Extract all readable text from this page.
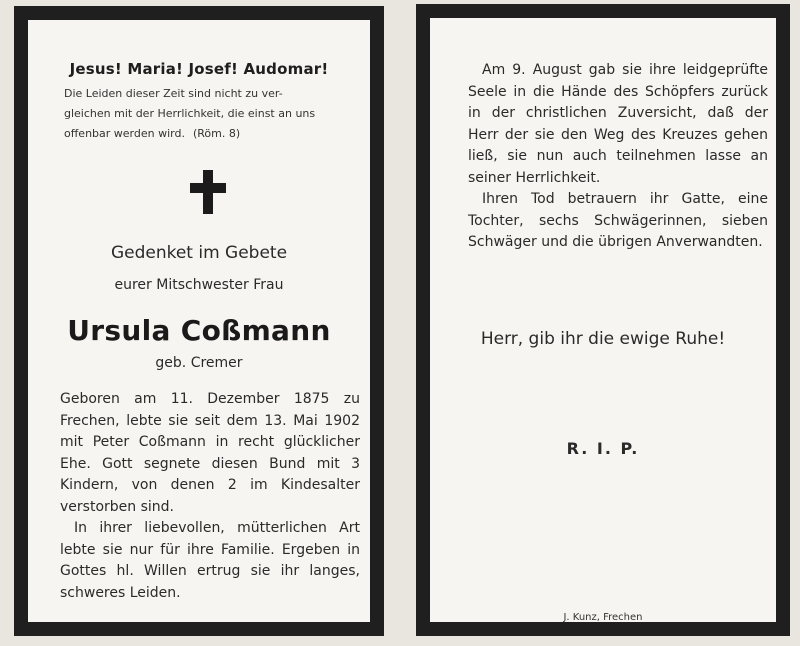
Jesus! Maria! Josef! Audomar!
Die Leiden dieser Zeit sind nicht zu ver-
gleichen mit der Herrlichkeit, die einst an uns
offenbar werden wird. (Röm. 8)
Gedenket im Gebete
eurer Mitschwester Frau
Ursula Coßmann
geb. Cremer

Geboren am 11. Dezember 1875 zu Frechen, lebte sie seit dem 13. Mai 1902 mit Peter Coßmann in recht glücklicher Ehe. Gott segnete diesen Bund mit 3 Kindern, von denen 2 im Kindesalter verstorben sind.

In ihrer liebevollen, mütterlichen Art lebte sie nur für ihre Familie. Ergeben in Gottes hl. Willen ertrug sie ihr langes, schweres Leiden.

Am 9. August gab sie ihre leidgeprüfte Seele in die Hände des Schöpfers zurück in der christlichen Zuversicht, daß der Herr der sie den Weg des Kreuzes gehen ließ, sie nun auch teilnehmen lasse an seiner Herrlichkeit.

Ihren Tod betrauern ihr Gatte, eine Tochter, sechs Schwägerinnen, sieben Schwäger und die übrigen Anverwandten.

Herr, gib ihr die ewige Ruhe!
R. I. P.
J. Kunz, Frechen
